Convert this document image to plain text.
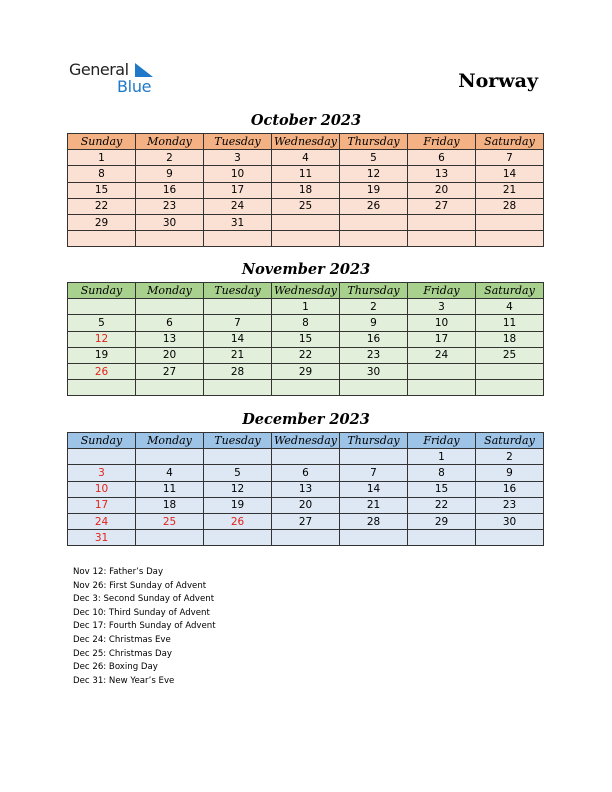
General
Blue	Norway
October 2023
Sunday	Monday	Tuesday	Wednesday	Thursday	Friday	Saturday
1	2	3	4	5	6	7
8	9	10	11	12	13	14
15	16	17	18	19	20	21
22	23	24	25	26	27	28
29	30	31				

November 2023
Sunday	Monday	Tuesday	Wednesday	Thursday	Friday	Saturday
			1	2	3	4
5	6	7	8	9	10	11
12	13	14	15	16	17	18
19	20	21	22	23	24	25
26	27	28	29	30		

December 2023
Sunday	Monday	Tuesday	Wednesday	Thursday	Friday	Saturday
					1	2
3	4	5	6	7	8	9
10	11	12	13	14	15	16
17	18	19	20	21	22	23
24	25	26	27	28	29	30
31						
Nov 12: Father’s Day
Nov 26: First Sunday of Advent
Dec 3: Second Sunday of Advent
Dec 10: Third Sunday of Advent
Dec 17: Fourth Sunday of Advent
Dec 24: Christmas Eve
Dec 25: Christmas Day
Dec 26: Boxing Day
Dec 31: New Year’s Eve
